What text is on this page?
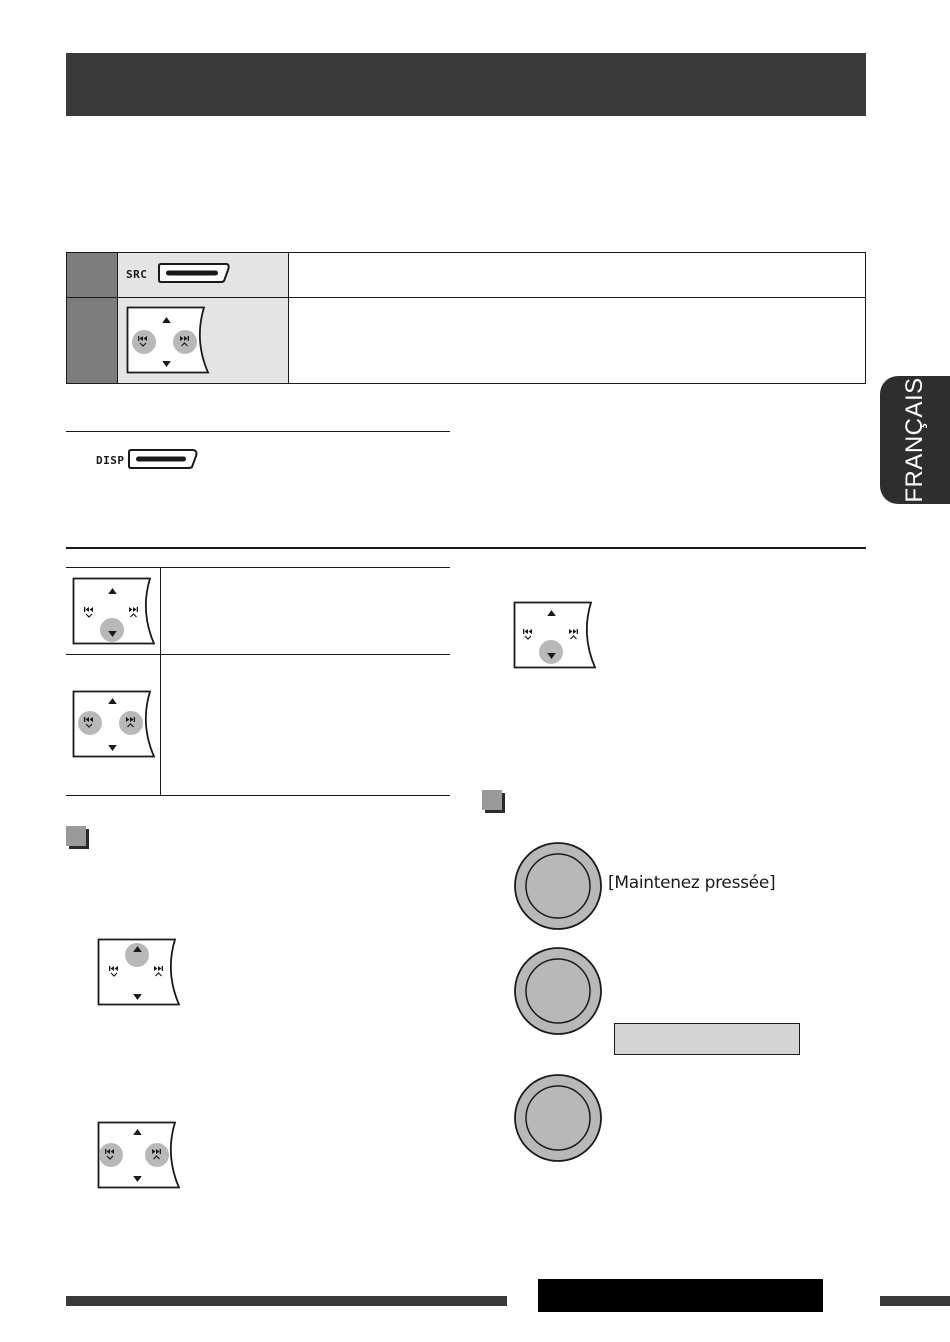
SRC
DISP
[Maintenez pressée]
FRANÇAIS
